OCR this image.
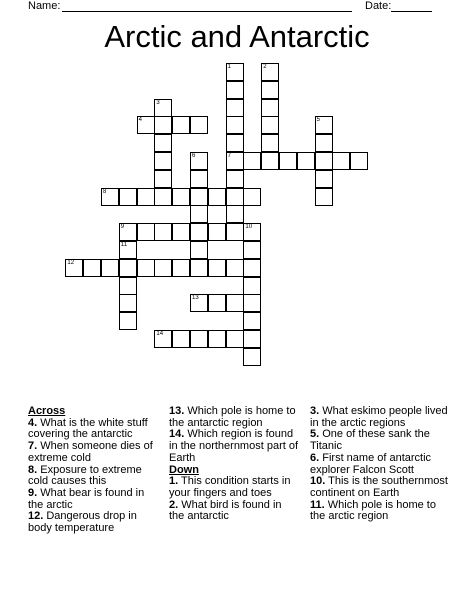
Name:	Date:
Arctic and Antarctic
1
7
2
3
4	5
6
8
9	10
11
12
13
14
Across
4. What is the white stuff covering the antarctic
7. When someone dies of extreme cold
8. Exposure to extreme cold causes this
9. What bear is found in the arctic
12. Dangerous drop in body temperature
13. Which pole is home to the antarctic region
14. Which region is found in the northernmost part of Earth
Down
1. This condition starts in your fingers and toes
2. What bird is found in the antarctic
3. What eskimo people lived in the arctic regions
5. One of these sank the Titanic
6. First name of antarctic explorer Falcon Scott
10. This is the southernmost continent on Earth
11. Which pole is home to the arctic region
